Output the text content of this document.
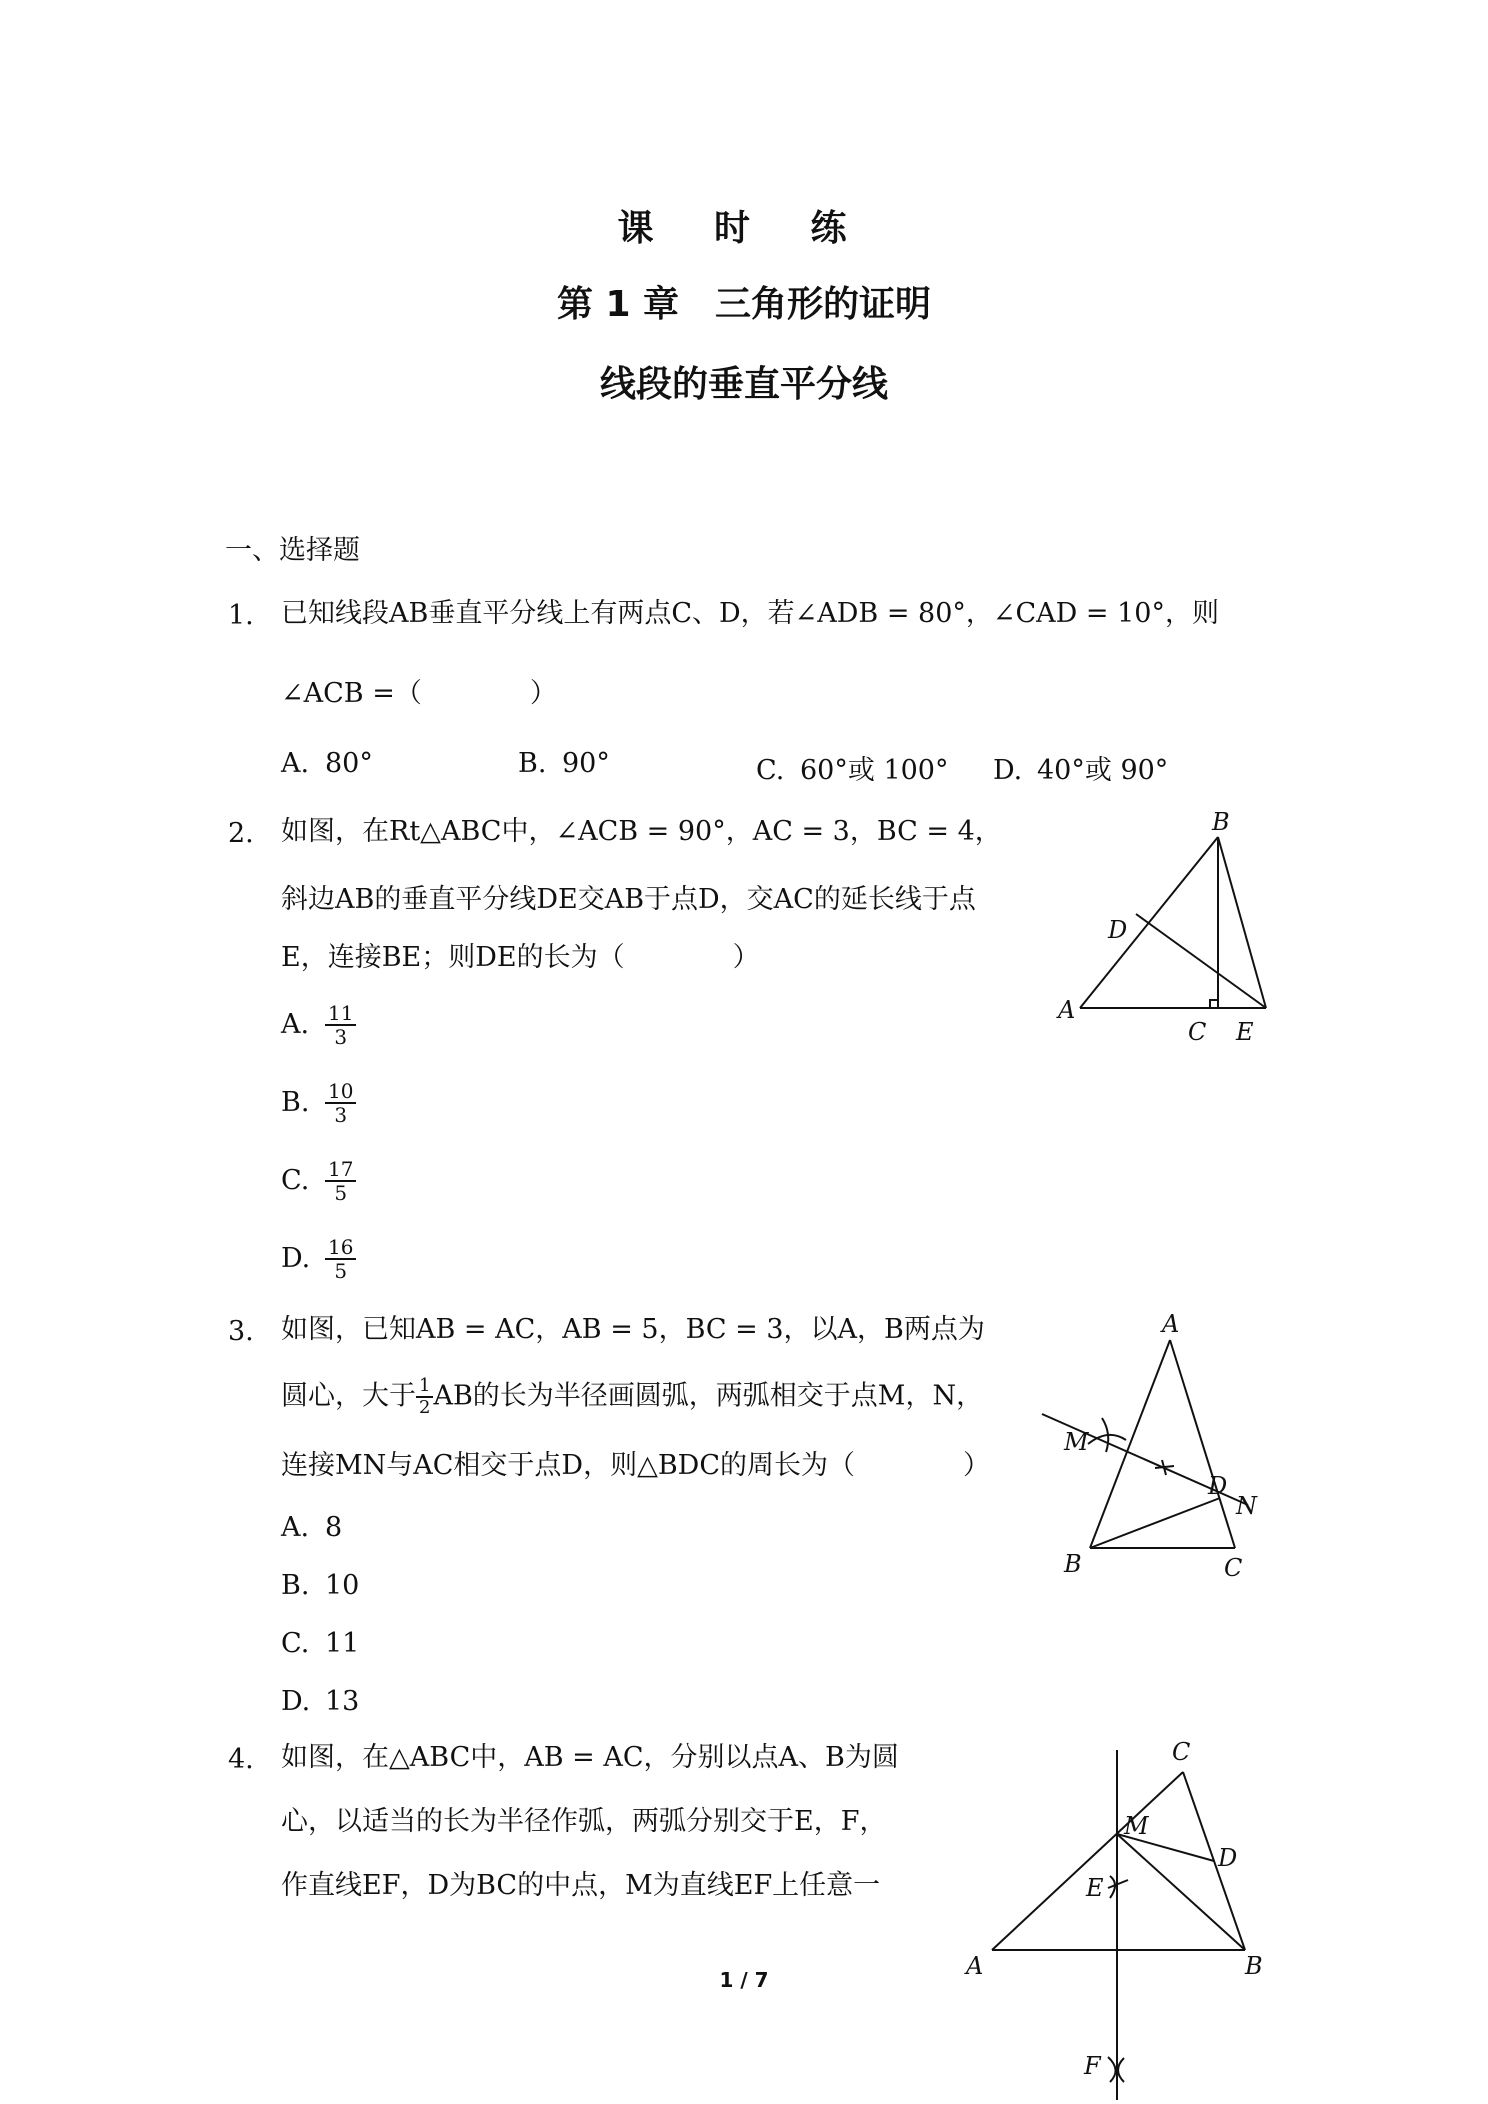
课 时 练
第 1 章　三角形的证明
线段的垂直平分线
一、选择题
1. 已知线段AB垂直平分线上有两点C、D，若∠ADB = 80°，∠CAD = 10°，则
∠ACB =（　　　　）
A. 80°	B. 90°	C. 60°或 100° D. 40°或 90°
2. 如图，在Rt△ABC中，∠ACB = 90°，AC = 3，BC = 4，
斜边AB的垂直平分线DE交AB于点D，交AC的延长线于点
E，连接BE；则DE的长为（　　　　）
A. $\frac{11}{3}$
B. $\frac{10}{3}$
C. $\frac{17}{5}$
D. $\frac{16}{5}$
B
D
A
C E
3. 如图，已知AB = AC，AB = 5，BC = 3，以A，B两点为
圆心，大于 $\frac{1}{2}$ AB的长为半径画圆弧，两弧相交于点M，N，
连接MN与AC相交于点D，则△BDC的周长为（　　　　）
A. 8
B. 10
C. 11
D. 13
A
M
D
N
B	C
4. 如图，在△ABC中，AB = AC，分别以点A、B为圆
心，以适当的长为半径作弧，两弧分别交于E，F，
作直线EF，D为BC的中点，M为直线EF上任意一
C
M
D
E
A	B
F
1 / 7
